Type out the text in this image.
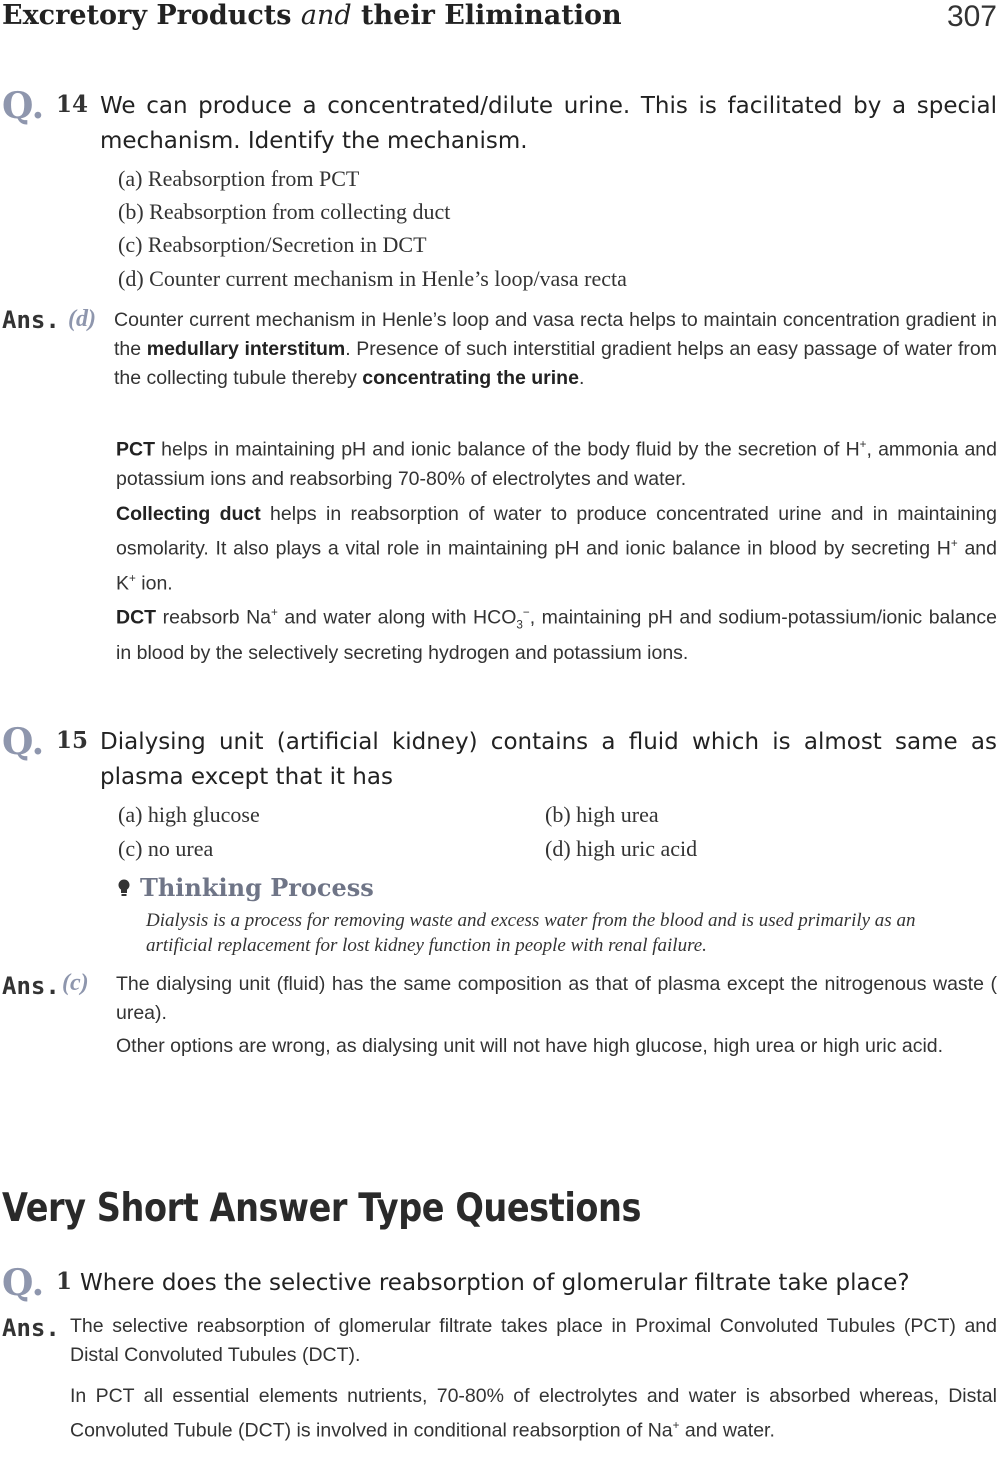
Excretory Products and their Elimination	307
Q. 14 We can produce a concentrated/dilute urine. This is facilitated by a special mechanism. Identify the mechanism.
(a) Reabsorption from PCT
(b) Reabsorption from collecting duct
(c) Reabsorption/Secretion in DCT
(d) Counter current mechanism in Henle’s loop/vasa recta
Ans. (d) Counter current mechanism in Henle’s loop and vasa recta helps to maintain concentration gradient in the medullary interstitum. Presence of such interstitial gradient helps an easy passage of water from the collecting tubule thereby concentrating the urine.
PCT helps in maintaining pH and ionic balance of the body fluid by the secretion of H+, ammonia and potassium ions and reabsorbing 70-80% of electrolytes and water.
Collecting duct helps in reabsorption of water to produce concentrated urine and in maintaining osmolarity. It also plays a vital role in maintaining pH and ionic balance in blood by secreting H+ and K+ ion.
DCT reabsorb Na+ and water along with $HCO_3^-$, maintaining pH and sodium-potassium/ionic balance in blood by the selectively secreting hydrogen and potassium ions.
Q. 15 Dialysing unit (artificial kidney) contains a fluid which is almost same as plasma except that it has
(a) high glucose	(b) high urea
(c) no urea	(d) high uric acid
Thinking Process
Dialysis is a process for removing waste and excess water from the blood and is used primarily as an artificial replacement for lost kidney function in people with renal failure.
Ans. (c) The dialysing unit (fluid) has the same composition as that of plasma except the nitrogenous waste ( urea).
Other options are wrong, as dialysing unit will not have high glucose, high urea or high uric acid.
Very Short Answer Type Questions
Q. 1 Where does the selective reabsorption of glomerular filtrate take place?
Ans. The selective reabsorption of glomerular filtrate takes place in Proximal Convoluted Tubules (PCT) and Distal Convoluted Tubules (DCT).
In PCT all essential elements nutrients, 70-80% of electrolytes and water is absorbed whereas, Distal Convoluted Tubule (DCT) is involved in conditional reabsorption of Na+ and water.
